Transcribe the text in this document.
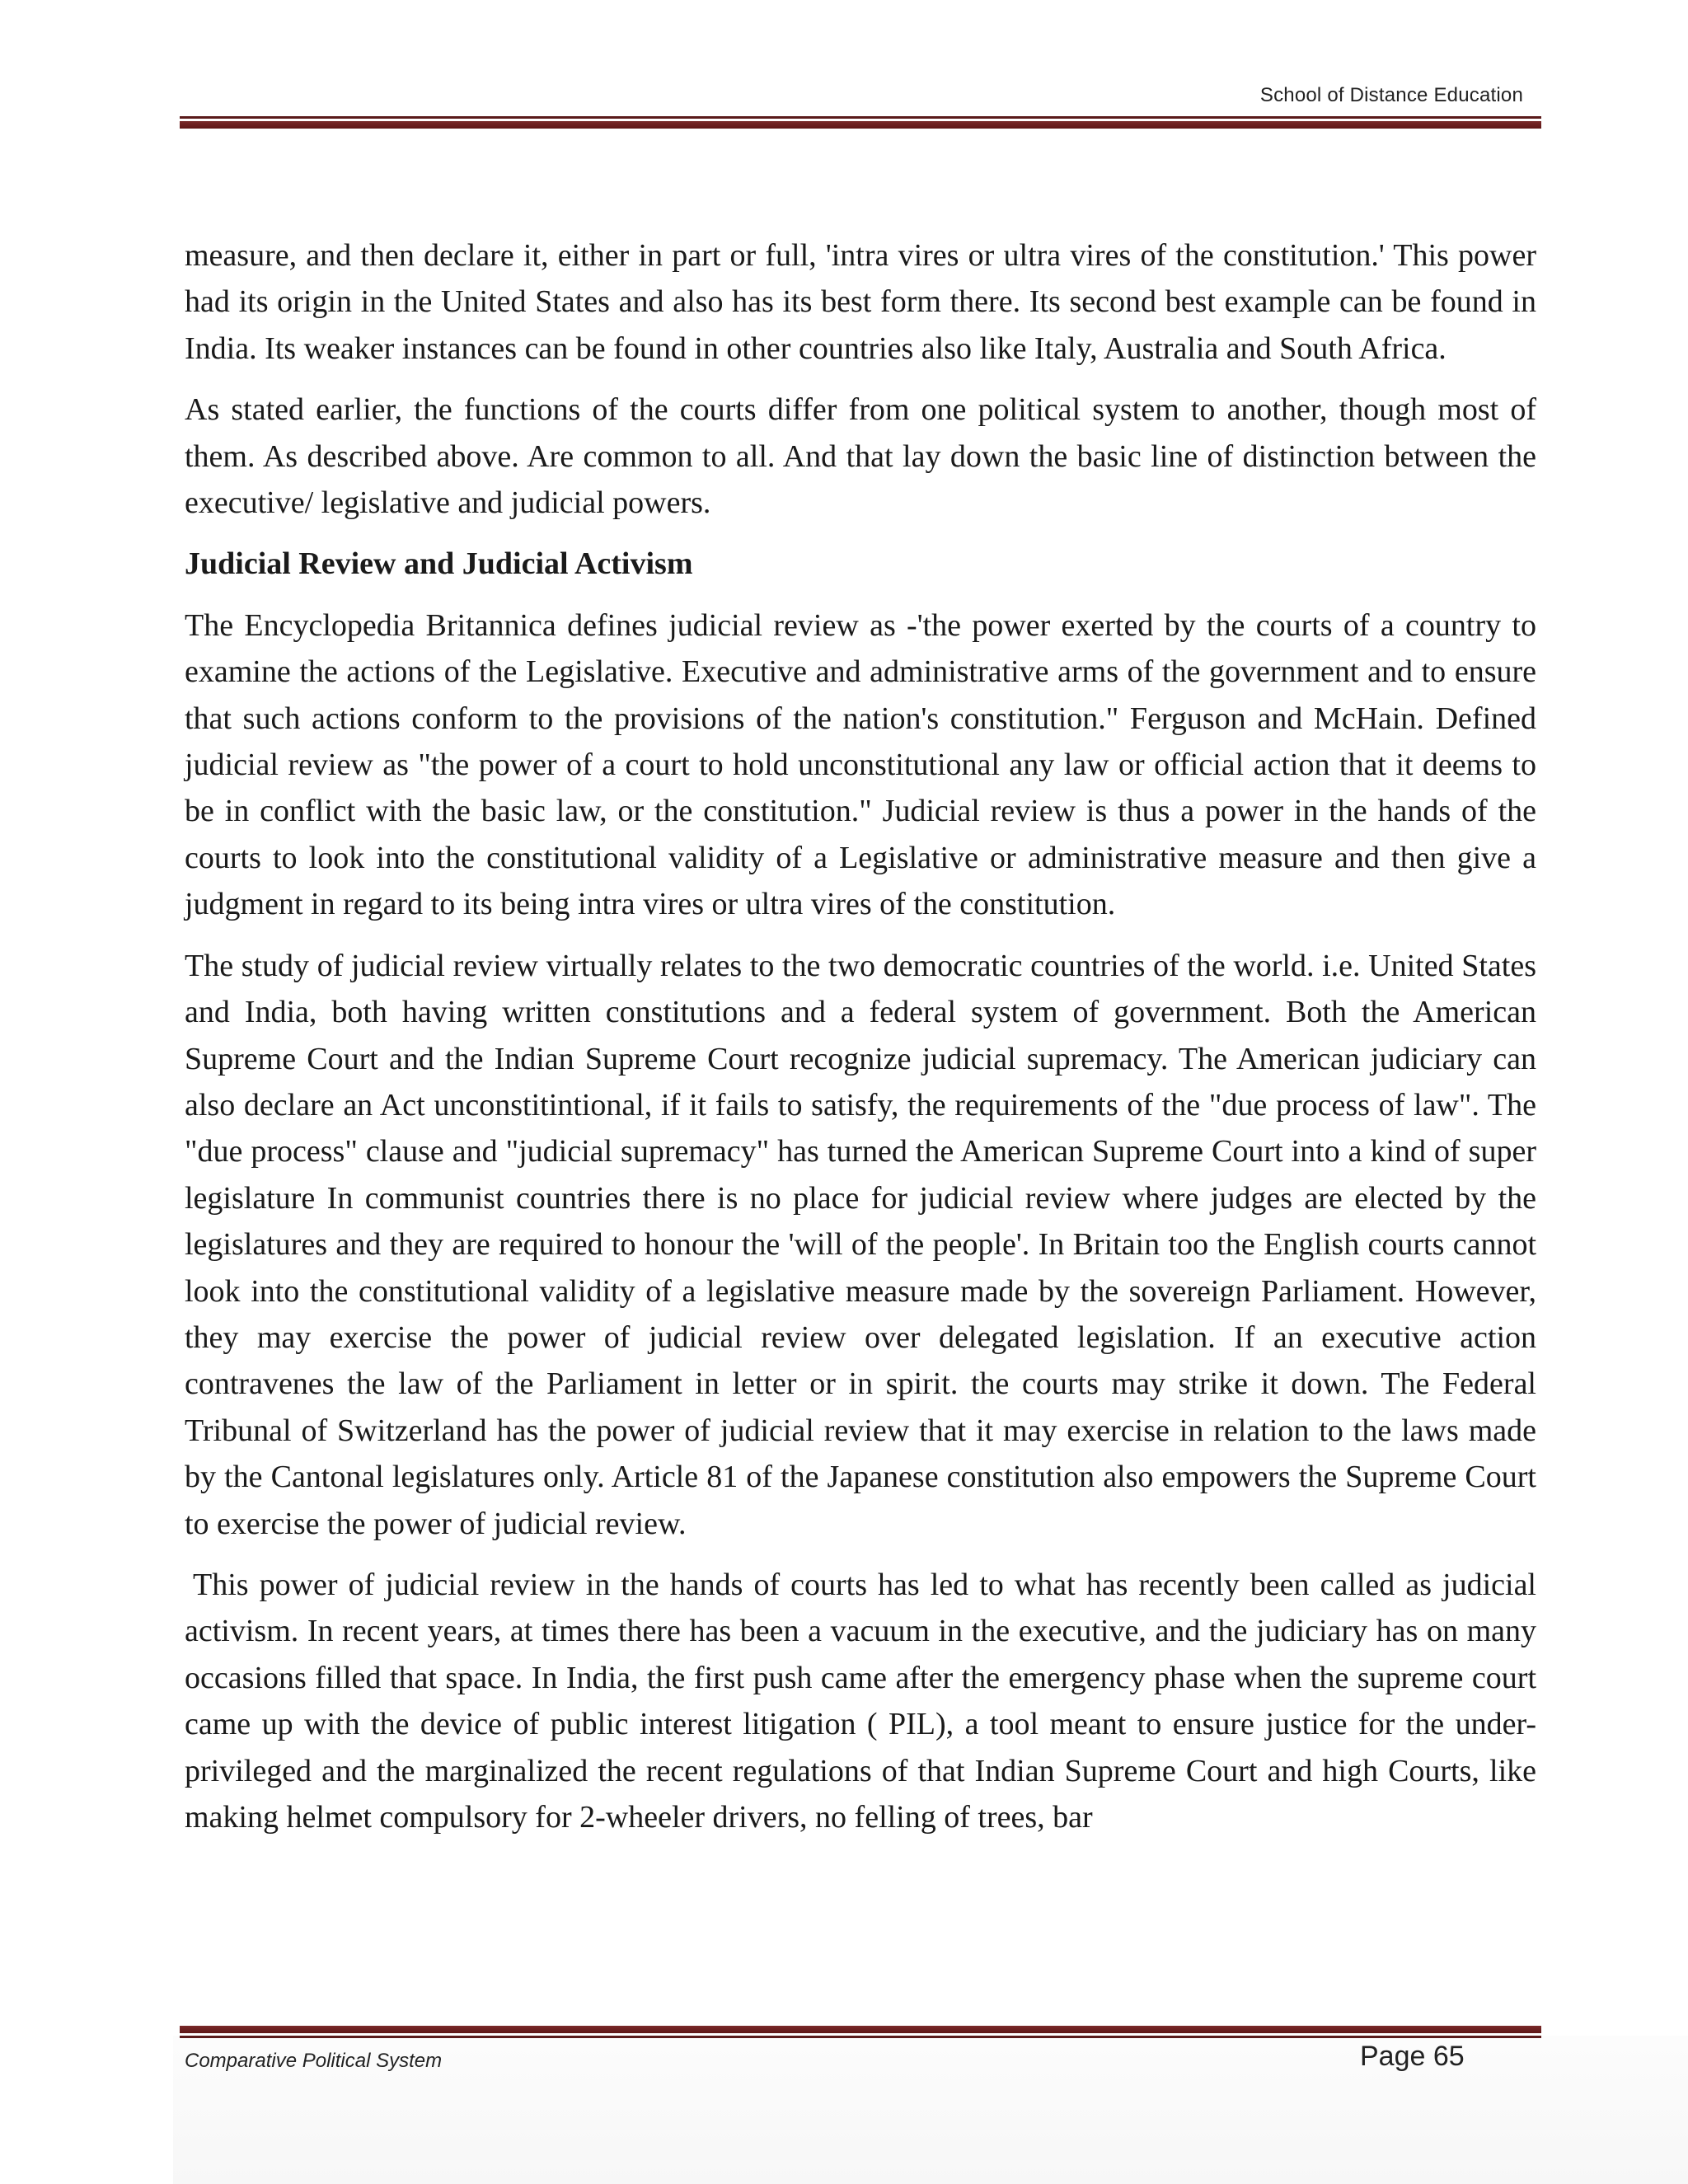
School of Distance Education

measure, and then declare it, either in part or full, 'intra vires or ultra vires of the constitution.' This power had its origin in the United States and also has its best form there. Its second best example can be found in India. Its weaker instances can be found in other countries also like Italy, Australia and South Africa.

As stated earlier, the functions of the courts differ from one political system to another, though most of them. As described above. Are common to all. And that lay down the basic line of distinction between the executive/ legislative and judicial powers.

Judicial Review and Judicial Activism

The Encyclopedia Britannica defines judicial review as -'the power exerted by the courts of a country to examine the actions of the Legislative. Executive and administrative arms of the government and to ensure that such actions conform to the provisions of the nation's constitution." Ferguson and McHain. Defined judicial review as "the power of a court to hold unconstitutional any law or official action that it deems to be in conflict with the basic law, or the constitution." Judicial review is thus a power in the hands of the courts to look into the constitutional validity of a Legislative or administrative measure and then give a judgment in regard to its being intra vires or ultra vires of the constitution.

The study of judicial review virtually relates to the two democratic countries of the world. i.e. United States and India, both having written constitutions and a federal system of government. Both the American Supreme Court and the Indian Supreme Court recognize judicial supremacy. The American judiciary can also declare an Act unconstitintional, if it fails to satisfy, the requirements of the "due process of law". The "due process" clause and "judicial supremacy" has turned the American Supreme Court into a kind of super legislature In communist countries there is no place for judicial review where judges are elected by the legislatures and they are required to honour the 'will of the people'. In Britain too the English courts cannot look into the constitutional validity of a legislative measure made by the sovereign Parliament. However, they may exercise the power of judicial review over delegated legislation. If an executive action contravenes the law of the Parliament in letter or in spirit. the courts may strike it down. The Federal Tribunal of Switzerland has the power of judicial review that it may exercise in relation to the laws made by the Cantonal legislatures only. Article 81 of the Japanese constitution also empowers the Supreme Court to exercise the power of judicial review.

This power of judicial review in the hands of courts has led to what has recently been called as judicial activism. In recent years, at times there has been a vacuum in the executive, and the judiciary has on many occasions filled that space. In India, the first push came after the emergency phase when the supreme court came up with the device of public interest litigation ( PIL), a tool meant to ensure justice for the under-privileged and the marginalized the recent regulations of that Indian Supreme Court and high Courts, like making helmet compulsory for 2-wheeler drivers, no felling of trees, bar

Comparative Political System	Page 65
